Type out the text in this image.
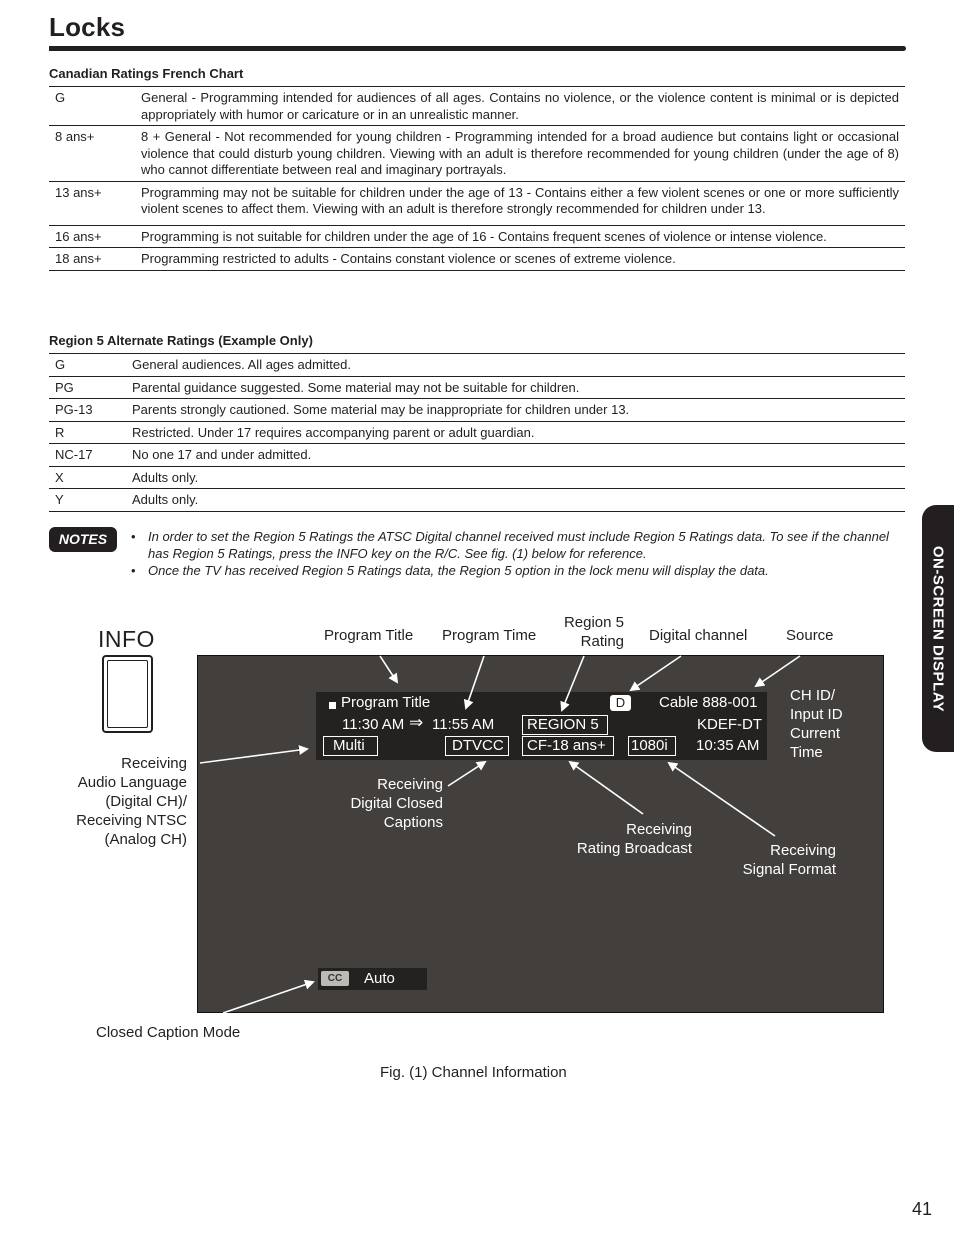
Locks
Canadian Ratings French Chart
G	General - Programming intended for audiences of all ages. Contains no violence, or the violence content is minimal or is depicted appropriately with humor or caricature or in an unrealistic manner.
8 ans+	8 + General - Not recommended for young children - Programming intended for a broad audience but contains light or occasional violence that could disturb young children. Viewing with an adult is therefore recommended for young children (under the age of 8) who cannot differentiate between real and imaginary portrayals.
13 ans+	Programming may not be suitable for children under the age of 13 - Contains either a few violent scenes or one or more sufficiently violent scenes to affect them. Viewing with an adult is therefore strongly recommended for children under 13.
16 ans+	Programming is not suitable for children under the age of 16 - Contains frequent scenes of violence or intense violence.
18 ans+	Programming restricted to adults - Contains constant violence or scenes of extreme violence.
Region 5 Alternate Ratings (Example Only)
G	General audiences. All ages admitted.
PG	Parental guidance suggested. Some material may not be suitable for children.
PG-13	Parents strongly cautioned. Some material may be inappropriate for children under 13.
R	Restricted. Under 17 requires accompanying parent or adult guardian.
NC-17	No one 17 and under admitted.
X	Adults only.
Y	Adults only.
NOTES	• In order to set the Region 5 Ratings the ATSC Digital channel received must include Region 5 Ratings data. To see if the channel has Region 5 Ratings, press the INFO key on the R/C. See fig. (1) below for reference.
• Once the TV has received Region 5 Ratings data, the Region 5 option in the lock menu will display the data.	ON-SCREEN DISPLAY
INFO	Program Title Program Time
Region 5
Rating Digital channel	Source
Receiving
Audio Language
(Digital CH)/
Receiving NTSC
(Analog CH)
Closed Caption Mode
Fig. (1) Channel Information
Program Title	D	Cable 888-001
11:30 AM ⇒ 11:55 AM REGION 5	KDEF-DT
Multi	DTVCC CF-18 ans+ 1080i 10:35 AM
CH ID/
Input ID
Current
Time
Receiving
Digital Closed
Captions	Receiving
Rating Broadcast	Receiving
Signal Format
CC	Auto
41
